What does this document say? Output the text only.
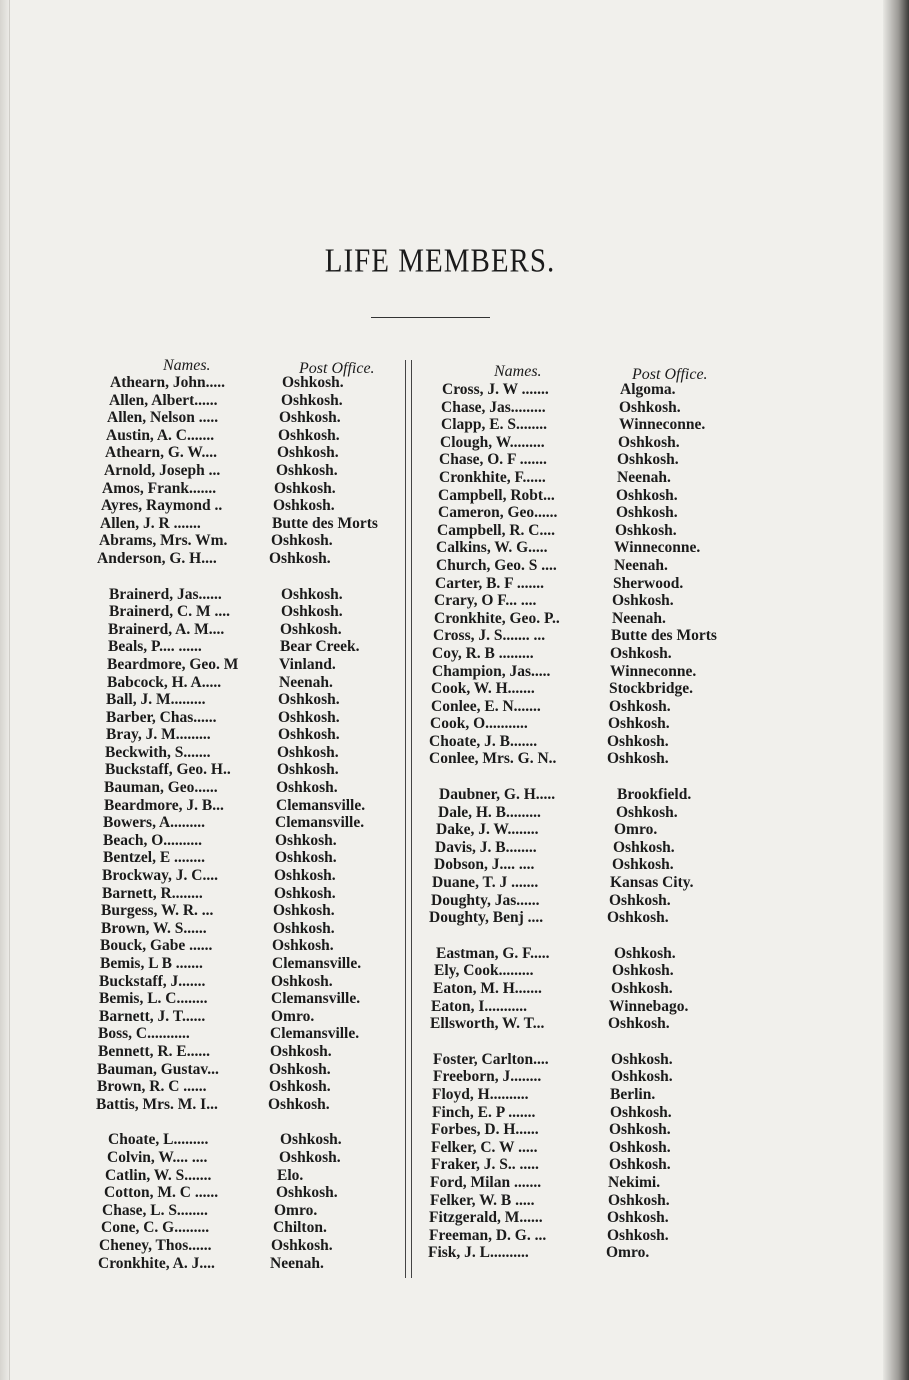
LIFE MEMBERS.
Names.	Post Office.	Names.	Post Office.
Athearn, John.....	Oshkosh.
Allen, Albert......	Oshkosh.
Allen, Nelson .....	Oshkosh.
Austin, A. C.......	Oshkosh.
Athearn, G. W....	Oshkosh.
Arnold, Joseph ...	Oshkosh.
Amos, Frank.......	Oshkosh.
Ayres, Raymond ..	Oshkosh.
Allen, J. R .......	Butte des Morts
Abrams, Mrs. Wm.	Oshkosh.
Anderson, G. H....	Oshkosh.
Brainerd, Jas......	Oshkosh.
Brainerd, C. M ....	Oshkosh.
Brainerd, A. M....	Oshkosh.
Beals, P.... ......	Bear Creek.
Beardmore, Geo. M	Vinland.
Babcock, H. A.....	Neenah.
Ball, J. M.........	Oshkosh.
Barber, Chas......	Oshkosh.
Bray, J. M.........	Oshkosh.
Beckwith, S.......	Oshkosh.
Buckstaff, Geo. H..	Oshkosh.
Bauman, Geo......	Oshkosh.
Beardmore, J. B...	Clemansville.
Bowers, A.........	Clemansville.
Beach, O..........	Oshkosh.
Bentzel, E ........	Oshkosh.
Brockway, J. C....	Oshkosh.
Barnett, R........	Oshkosh.
Burgess, W. R. ...	Oshkosh.
Brown, W. S......	Oshkosh.
Bouck, Gabe ......	Oshkosh.
Bemis, L B .......	Clemansville.
Buckstaff, J.......	Oshkosh.
Bemis, L. C........	Clemansville.
Barnett, J. T......	Omro.
Boss, C...........	Clemansville.
Bennett, R. E......	Oshkosh.
Bauman, Gustav...	Oshkosh.
Brown, R. C ......	Oshkosh.
Battis, Mrs. M. I...	Oshkosh.
Choate, L.........	Oshkosh.
Colvin, W.... ....	Oshkosh.
Catlin, W. S.......	Elo.
Cotton, M. C ......	Oshkosh.
Chase, L. S........	Omro.
Cone, C. G.........	Chilton.
Cheney, Thos......	Oshkosh.
Cronkhite, A. J....	Neenah.
Cross, J. W .......	Algoma.
Chase, Jas.........	Oshkosh.
Clapp, E. S........	Winneconne.
Clough, W.........	Oshkosh.
Chase, O. F .......	Oshkosh.
Cronkhite, F......	Neenah.
Campbell, Robt...	Oshkosh.
Cameron, Geo......	Oshkosh.
Campbell, R. C....	Oshkosh.
Calkins, W. G.....	Winneconne.
Church, Geo. S ....	Neenah.
Carter, B. F .......	Sherwood.
Crary, O F... ....	Oshkosh.
Cronkhite, Geo. P..	Neenah.
Cross, J. S....... ...	Butte des Morts
Coy, R. B .........	Oshkosh.
Champion, Jas.....	Winneconne.
Cook, W. H.......	Stockbridge.
Conlee, E. N.......	Oshkosh.
Cook, O...........	Oshkosh.
Choate, J. B.......	Oshkosh.
Conlee, Mrs. G. N..	Oshkosh.
Daubner, G. H.....	Brookfield.
Dale, H. B.........	Oshkosh.
Dake, J. W........	Omro.
Davis, J. B........	Oshkosh.
Dobson, J.... ....	Oshkosh.
Duane, T. J .......	Kansas City.
Doughty, Jas......	Oshkosh.
Doughty, Benj ....	Oshkosh.
Eastman, G. F.....	Oshkosh.
Ely, Cook.........	Oshkosh.
Eaton, M. H.......	Oshkosh.
Eaton, I...........	Winnebago.
Ellsworth, W. T...	Oshkosh.
Foster, Carlton....	Oshkosh.
Freeborn, J........	Oshkosh.
Floyd, H..........	Berlin.
Finch, E. P .......	Oshkosh.
Forbes, D. H......	Oshkosh.
Felker, C. W .....	Oshkosh.
Fraker, J. S.. .....	Oshkosh.
Ford, Milan .......	Nekimi.
Felker, W. B .....	Oshkosh.
Fitzgerald, M......	Oshkosh.
Freeman, D. G. ...	Oshkosh.
Fisk, J. L..........	Omro.
